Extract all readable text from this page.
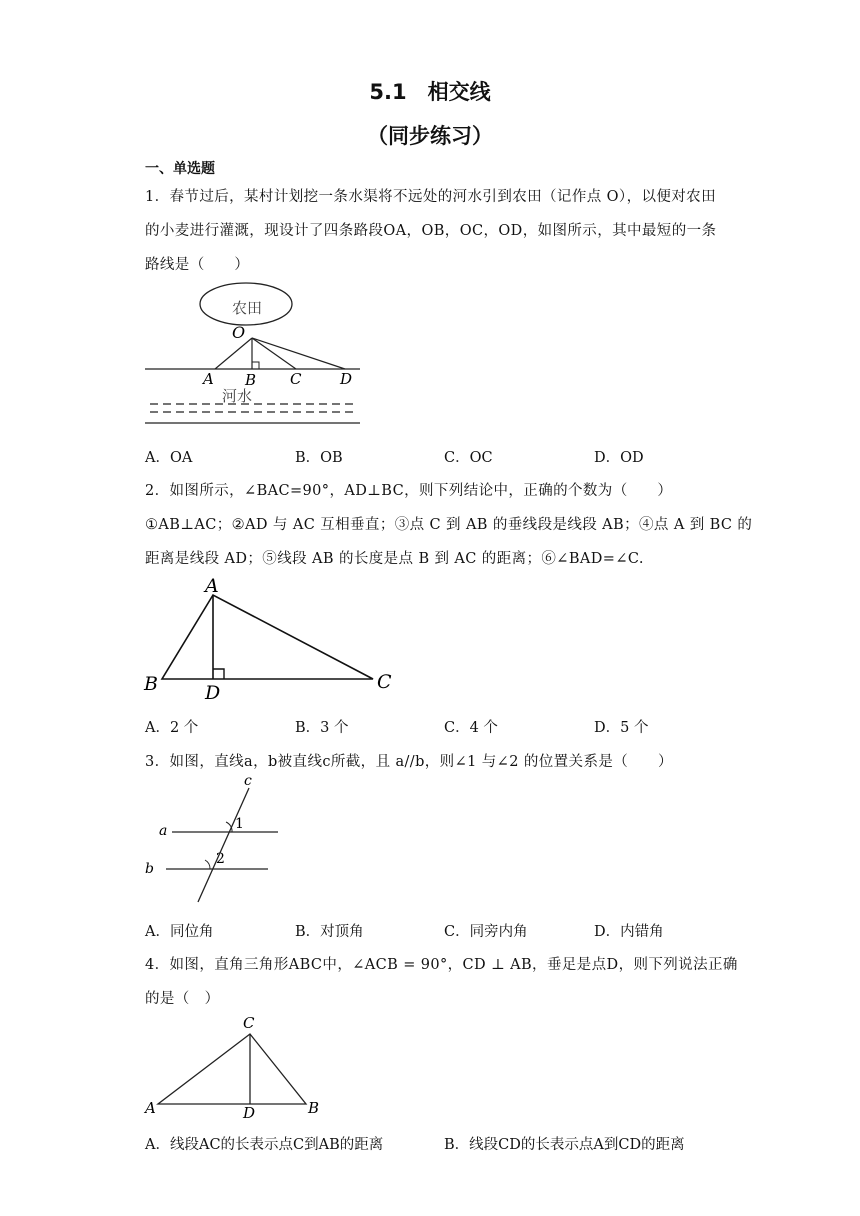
5.1　相交线
（同步练习）
一、单选题
1．春节过后，某村计划挖一条水渠将不远处的河水引到农田（记作点 O），以便对农田
的小麦进行灌溉，现设计了四条路段OA，OB，OC，OD，如图所示，其中最短的一条
路线是（　　）
农田
O
A B C	D
河水
A．OA	B．OB	C．OC	D．OD
2．如图所示，∠BAC=90°，AD⊥BC，则下列结论中，正确的个数为（　　）
①AB⊥AC；②AD 与 AC 互相垂直；③点 C 到 AB 的垂线段是线段 AB；④点 A 到 BC 的
距离是线段 AD；⑤线段 AB 的长度是点 B 到 AC 的距离；⑥∠BAD=∠C.
A
B	C
D
A．2 个	B．3 个	C．4 个	D．5 个
3．如图，直线a，b被直线c所截，且 a//b，则∠1 与∠2 的位置关系是（　　）
c
a
b
1
2
A．同位角	B．对顶角	C．同旁内角	D．内错角
4．如图，直角三角形ABC中，∠ACB = 90°，CD ⊥ AB，垂足是点D，则下列说法正确
的是（　）
C
A	D	B
A．线段AC的长表示点C到AB的距离	B．线段CD的长表示点A到CD的距离
